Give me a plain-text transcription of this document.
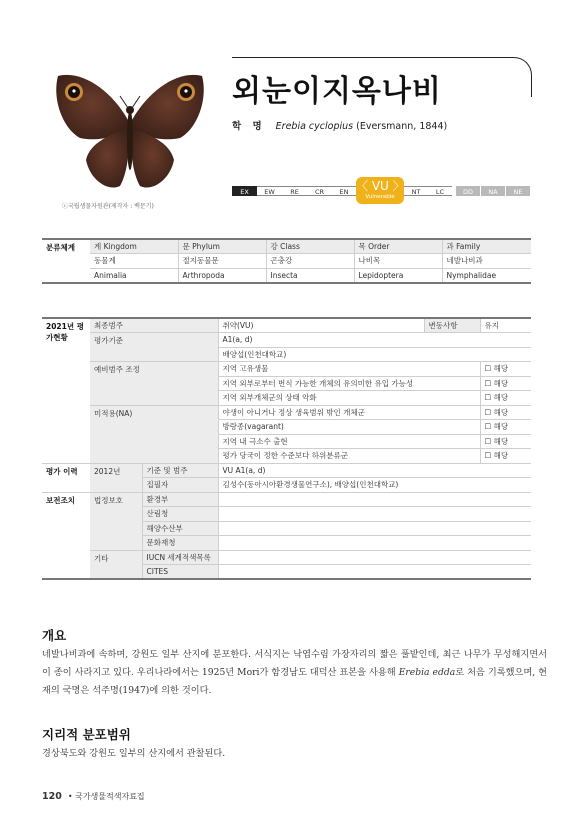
ⓒ국립생물자원관(제작자 : 백문기)
외눈이지옥나비
학 명 Erebia cyclopius (Eversmann, 1844)
EX	EW	RE	CR	EN	NT	LC	DD	NA	NE
〈 VU 〉
Vulnerable
분류체계	계 Kingdom	문 Phylum	강 Class	목 Order	과 Family
	동물계	절지동물문	곤충강	나비목	네발나비과
	Animalia	Arthropoda	Insecta	Lepidoptera	Nymphalidae
2021년 평가현황	최종범주		취약(VU)	변동사항	유지
	평가기준		A1(a, d)		
			배양섭(인천대학교)		
	예비범주 조정		지역 고유생물		☐ 해당
			지역 외부로부터 번식 가능한 개체의 유의미한 유입 가능성		☐ 해당
			지역 외부개체군의 상태 악화		☐ 해당
	미적용(NA)		야생이 아니거나 정상 생육범위 밖인 개체군		☐ 해당
			방랑종(vagarant)		☐ 해당
			지역 내 극소수 출현		☐ 해당
			평가 당국이 정한 수준보다 하위분류군		☐ 해당
평가 이력	2012년	기준 및 범주	VU A1(a, d)		
		집필자	김성수(동아시아환경생물연구소), 배양섭(인천대학교)		
보전조치	법정보호	환경부			
		산림청			
		해양수산부			
		문화재청			
	기타	IUCN 세계적색목록			
		CITES			
개요
네발나비과에 속하며, 강원도 일부 산지에 분포한다. 서식지는 낙엽수림 가장자리의 짧은 풀밭인데, 최근 나무가 무성해지면서 이 종이 사라지고 있다. 우리나라에서는 1925년 Mori가 함경남도 대덕산 표본을 사용해 Erebia edda로 처음 기록했으며, 현재의 국명은 석주명(1947)에 의한 것이다.
지리적 분포범위
경상북도와 강원도 일부의 산지에서 관찰된다.
120 • 국가생물적색자료집
